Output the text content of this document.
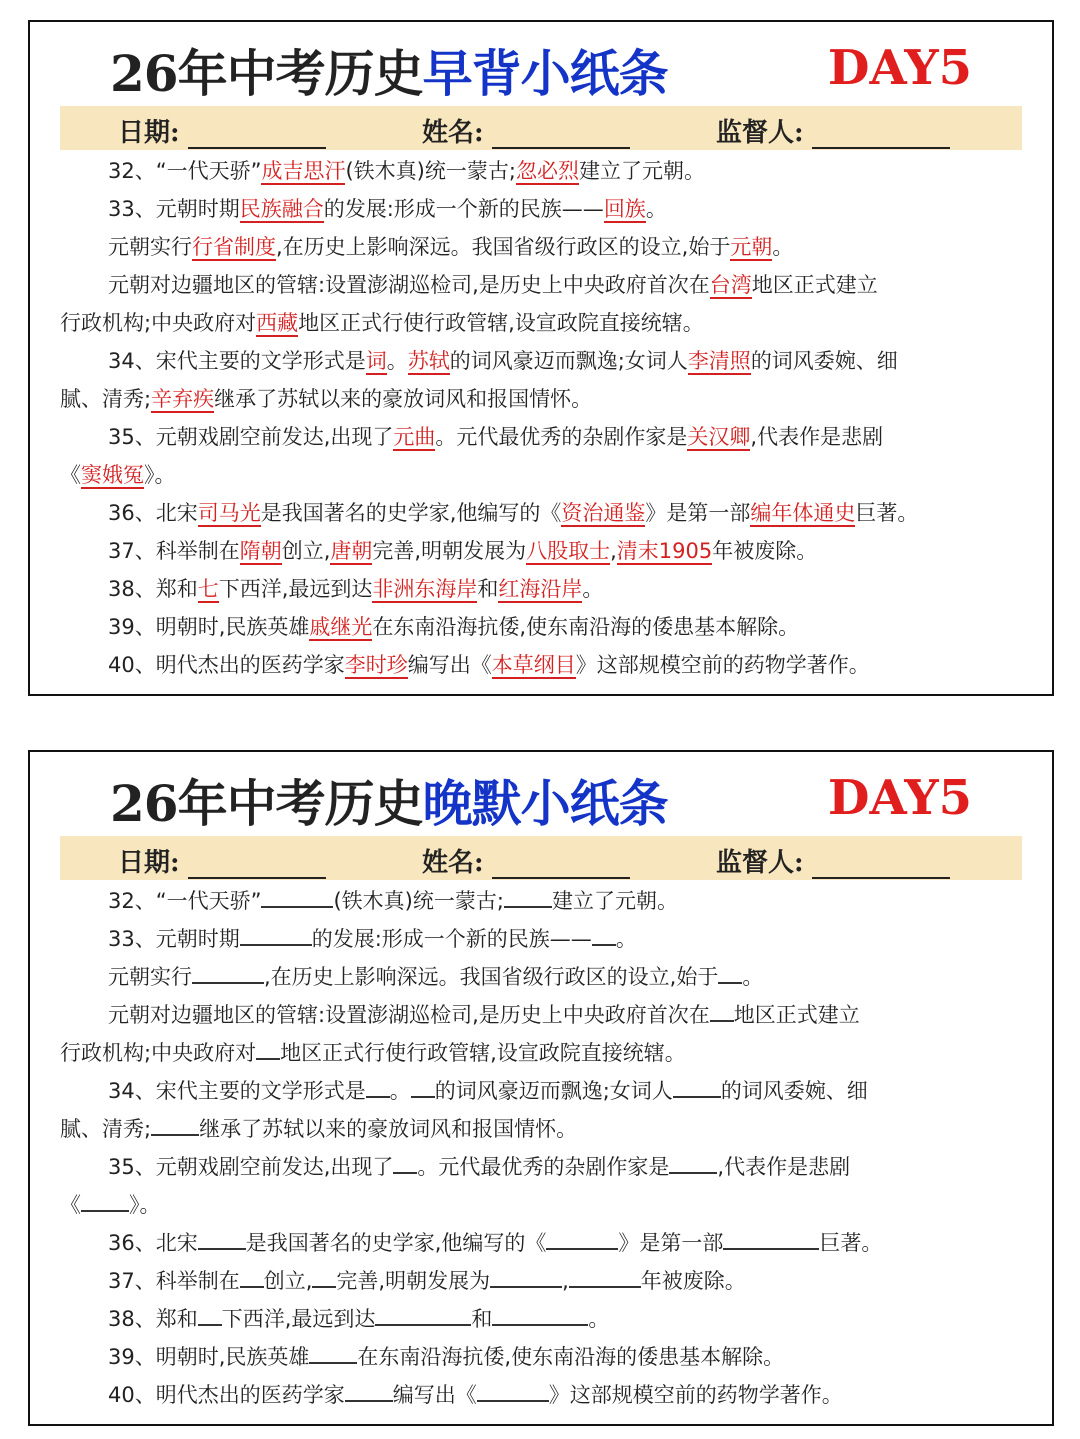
26年中考历史早背小纸条	DAY5
日期:	姓名:	监督人:

32、“一代天骄”成吉思汗(铁木真)统一蒙古;忽必烈建立了元朝。

33、元朝时期民族融合的发展:形成一个新的民族——回族。

元朝实行行省制度,在历史上影响深远。我国省级行政区的设立,始于元朝。

元朝对边疆地区的管辖:设置澎湖巡检司,是历史上中央政府首次在台湾地区正式建立

行政机构;中央政府对西藏地区正式行使行政管辖,设宣政院直接统辖。

34、宋代主要的文学形式是词。苏轼的词风豪迈而飘逸;女词人李清照的词风委婉、细

腻、清秀;辛弃疾继承了苏轼以来的豪放词风和报国情怀。

35、元朝戏剧空前发达,出现了元曲。元代最优秀的杂剧作家是关汉卿,代表作是悲剧

《窦娥冤》。

36、北宋司马光是我国著名的史学家,他编写的《资治通鉴》是第一部编年体通史巨著。

37、科举制在隋朝创立,唐朝完善,明朝发展为八股取士,清末1905年被废除。

38、郑和七下西洋,最远到达非洲东海岸和红海沿岸。

39、明朝时,民族英雄戚继光在东南沿海抗倭,使东南沿海的倭患基本解除。

40、明代杰出的医药学家李时珍编写出《本草纲目》这部规模空前的药物学著作。

26年中考历史晚默小纸条	DAY5
日期:	姓名:	监督人:

32、“一代天骄”	(铁木真)统一蒙古; 建立了元朝。

33、元朝时期	的发展:形成一个新的民族—— 。

元朝实行	,在历史上影响深远。我国省级行政区的设立,始于 。

元朝对边疆地区的管辖:设置澎湖巡检司,是历史上中央政府首次在 地区正式建立

行政机构;中央政府对 地区正式行使行政管辖,设宣政院直接统辖。

34、宋代主要的文学形式是 。 的词风豪迈而飘逸;女词人 的词风委婉、细

腻、清秀; 继承了苏轼以来的豪放词风和报国情怀。

35、元朝戏剧空前发达,出现了 。元代最优秀的杂剧作家是 ,代表作是悲剧

《 》。

36、北宋 是我国著名的史学家,他编写的《	》是第一部	巨著。

37、科举制在 创立, 完善,明朝发展为	,	年被废除。

38、郑和 下西洋,最远到达	和	。

39、明朝时,民族英雄 在东南沿海抗倭,使东南沿海的倭患基本解除。

40、明代杰出的医药学家 编写出《	》这部规模空前的药物学著作。
